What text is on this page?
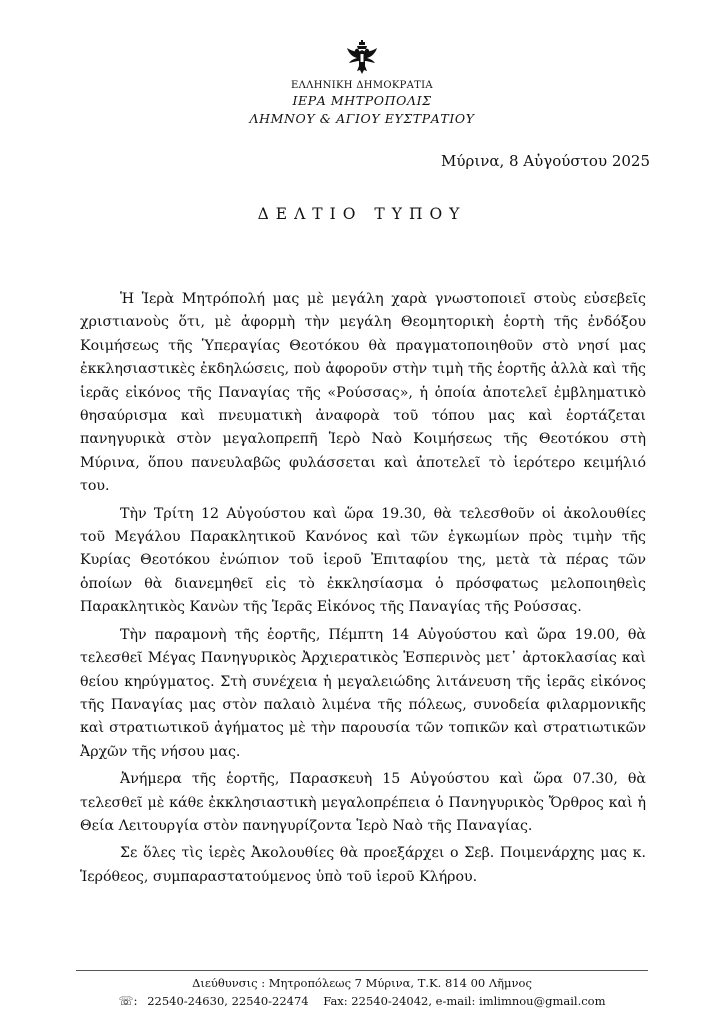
ΕΛΛΗΝΙΚΗ ΔΗΜΟΚΡΑΤΙΑ
ΙΕΡΑ ΜΗΤΡΟΠΟΛΙΣ
ΛΗΜΝΟΥ & ΑΓΙΟΥ ΕΥΣΤΡΑΤΙΟΥ
Μύρινα, 8 Αὐγούστου 2025
ΔΕΛΤΙΟ ΤΥΠΟΥ

Ἡ Ἱερὰ Μητρόπολή μας μὲ μεγάλη χαρὰ γνωστοποιεῖ στοὺς εὐσεβεῖς χριστιανοὺς ὅτι, μὲ ἀφορμὴ τὴν μεγάλη Θεομητορικὴ ἑορτὴ τῆς ἐνδόξου Κοιμήσεως τῆς Ὑπεραγίας Θεοτόκου θὰ πραγματοποιηθοῦν στὸ νησί μας ἐκκλησιαστικὲς ἐκδηλώσεις, ποὺ ἀφοροῦν στὴν τιμὴ τῆς ἑορτῆς ἀλλὰ καὶ τῆς ἱερᾶς εἰκόνος τῆς Παναγίας τῆς «Ρούσσας», ἡ ὁποία ἀποτελεῖ ἐμβληματικὸ θησαύρισμα καὶ πνευματικὴ ἀναφορὰ τοῦ τόπου μας καὶ ἑορτάζεται πανηγυρικὰ στὸν μεγαλοπρεπῆ Ἱερὸ Ναὸ Κοιμήσεως τῆς Θεοτόκου στὴ Μύρινα, ὅπου πανευλαβῶς φυλάσσεται καὶ ἀποτελεῖ τὸ ἱερότερο κειμήλιό του.

Τὴν Τρίτη 12 Αὐγούστου καὶ ὥρα 19.30, θὰ τελεσθοῦν οἱ ἀκολουθίες τοῦ Μεγάλου Παρακλητικοῦ Κανόνος καὶ τῶν ἐγκωμίων πρὸς τιμὴν τῆς Κυρίας Θεοτόκου ἐνώπιον τοῦ ἱεροῦ Ἐπιταφίου της, μετὰ τὰ πέρας τῶν ὁποίων θὰ διανεμηθεῖ εἰς τὸ ἐκκλησίασμα ὁ πρόσφατως μελοποιηθεὶς Παρακλητικὸς Κανὼν τῆς Ἱερᾶς Εἰκόνος τῆς Παναγίας τῆς Ρούσσας.

Τὴν παραμονὴ τῆς ἑορτῆς, Πέμπτη 14 Αὐγούστου καὶ ὥρα 19.00, θὰ τελεσθεῖ Μέγας Πανηγυρικὸς Ἀρχιερατικὸς Ἑσπερινὸς μετ᾽ ἀρτοκλασίας καὶ θείου κηρύγματος. Στὴ συνέχεια ἡ μεγαλειώδης λιτάνευση τῆς ἱερᾶς εἰκόνος τῆς Παναγίας μας στὸν παλαιὸ λιμένα τῆς πόλεως, συνοδεία φιλαρμονικῆς καὶ στρατιωτικοῦ ἀγήματος μὲ τὴν παρουσία τῶν τοπικῶν καὶ στρατιωτικῶν Ἀρχῶν τῆς νήσου μας.

Ἀνήμερα τῆς ἑορτῆς, Παρασκευὴ 15 Αὐγούστου καὶ ὥρα 07.30, θὰ τελεσθεῖ μὲ κάθε ἐκκλησιαστικὴ μεγαλοπρέπεια ὁ Πανηγυρικὸς Ὄρθρος καὶ ἡ Θεία Λειτουργία στὸν πανηγυρίζοντα Ἱερὸ Ναὸ τῆς Παναγίας.

Σε ὅλες τὶς ἱερὲς Ἀκολουθίες θὰ προεξάρχει ο Σεβ. Ποιμενάρχης μας κ. Ἱερόθεος, συμπαραστατούμενος ὑπὸ τοῦ ἱεροῦ Κλήρου.

Διεύθυνσις : Μητροπόλεως 7 Μύρινα, Τ.Κ. 814 00 Λῆμνος
☏: 22540-24630, 22540-22474    Fax: 22540-24042, e-mail: imlimnou@gmail.com
